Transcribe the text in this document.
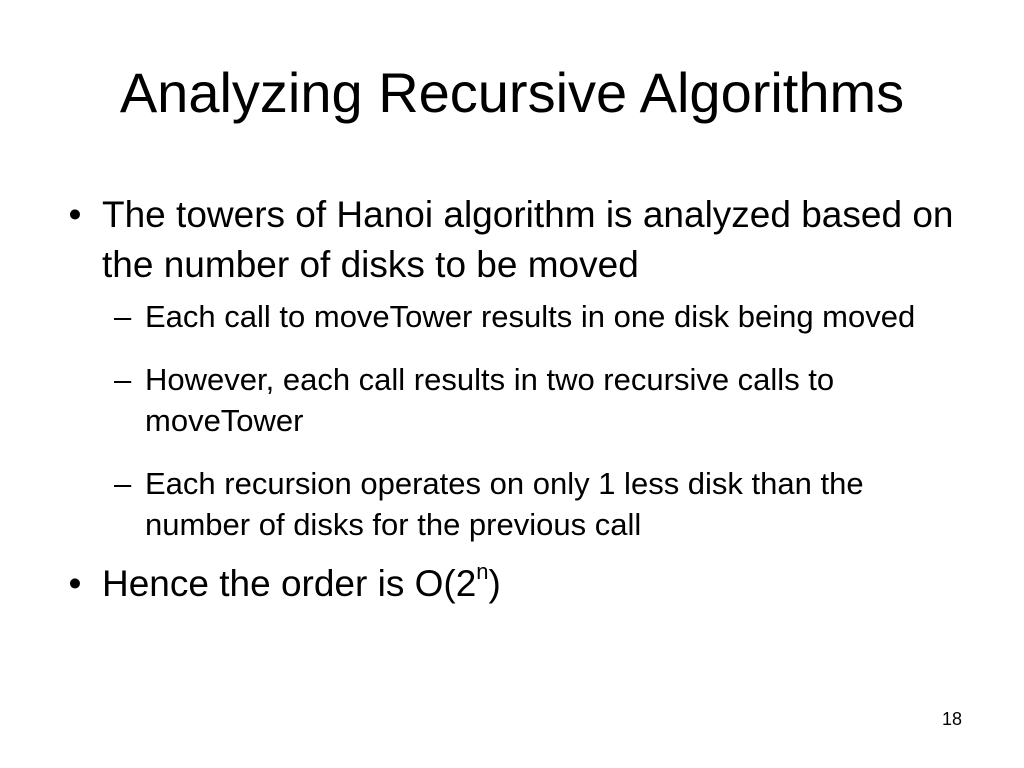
Analyzing Recursive Algorithms
• The towers of Hanoi algorithm is analyzed based on the number of disks to be moved
– Each call to moveTower results in one disk being moved
– However, each call results in two recursive calls to moveTower
– Each recursion operates on only 1 less disk than the number of disks for the previous call
• Hence the order is O(2$^n$)
18
